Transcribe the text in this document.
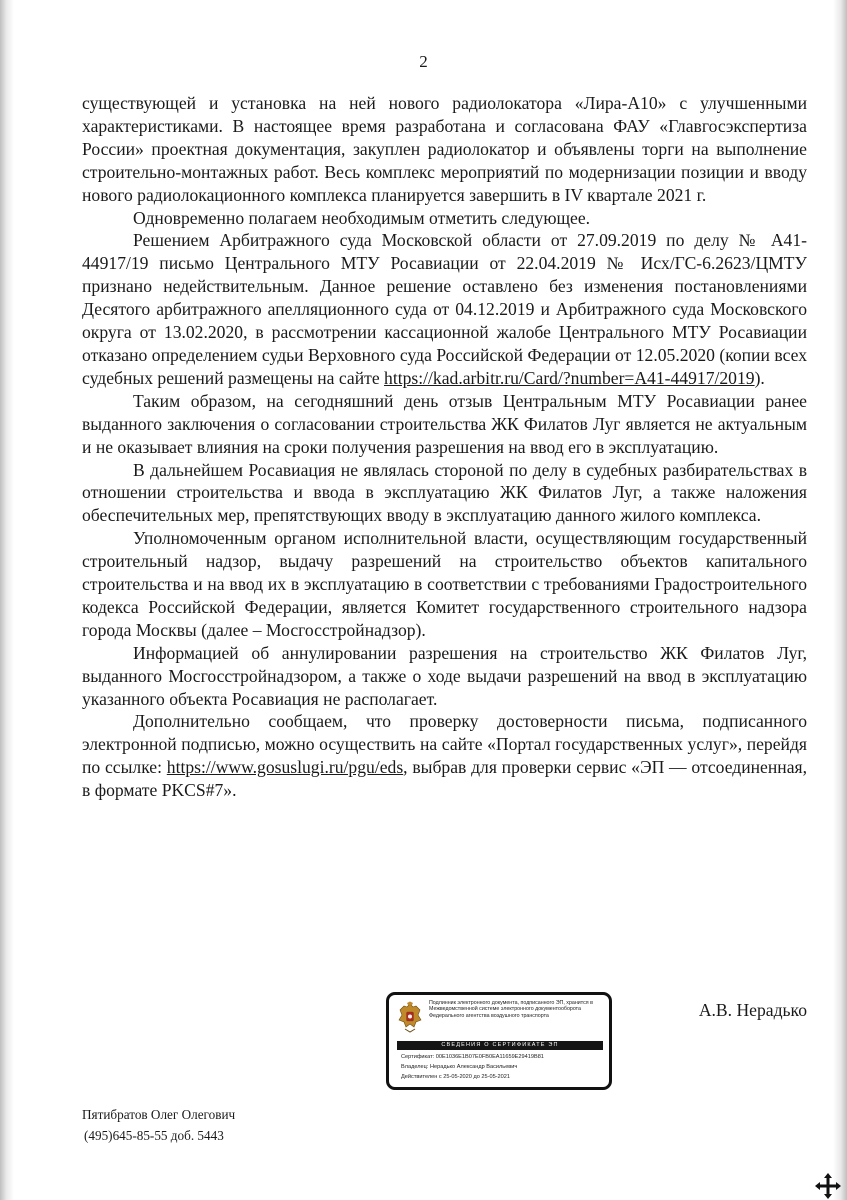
2

существующей и установка на ней нового радиолокатора «Лира-А10» с улучшенными характеристиками. В настоящее время разработана и согласована ФАУ «Главгосэкспертиза России» проектная документация, закуплен радиолокатор и объявлены торги на выполнение строительно-монтажных работ. Весь комплекс мероприятий по модернизации позиции и вводу нового радиолокационного комплекса планируется завершить в IV квартале 2021 г.

Одновременно полагаем необходимым отметить следующее.

Решением Арбитражного суда Московской области от 27.09.2019 по делу № А41-44917/19 письмо Центрального МТУ Росавиации от 22.04.2019 № Исх/ГС-6.2623/ЦМТУ признано недействительным. Данное решение оставлено без изменения постановлениями Десятого арбитражного апелляционного суда от 04.12.2019 и Арбитражного суда Московского округа от 13.02.2020, в рассмотрении кассационной жалобе Центрального МТУ Росавиации отказано определением судьи Верховного суда Российской Федерации от 12.05.2020 (копии всех судебных решений размещены на сайте https://kad.arbitr.ru/Card/?number=А41-44917/2019).

Таким образом, на сегодняшний день отзыв Центральным МТУ Росавиации ранее выданного заключения о согласовании строительства ЖК Филатов Луг является не актуальным и не оказывает влияния на сроки получения разрешения на ввод его в эксплуатацию.

В дальнейшем Росавиация не являлась стороной по делу в судебных разбирательствах в отношении строительства и ввода в эксплуатацию ЖК Филатов Луг, а также наложения обеспечительных мер, препятствующих вводу в эксплуатацию данного жилого комплекса.

Уполномоченным органом исполнительной власти, осуществляющим государственный строительный надзор, выдачу разрешений на строительство объектов капитального строительства и на ввод их в эксплуатацию в соответствии с требованиями Градостроительного кодекса Российской Федерации, является Комитет государственного строительного надзора города Москвы (далее – Мосгосстройнадзор).

Информацией об аннулировании разрешения на строительство ЖК Филатов Луг, выданного Мосгосстройнадзором, а также о ходе выдачи разрешений на ввод в эксплуатацию указанного объекта Росавиация не располагает.

Дополнительно сообщаем, что проверку достоверности письма, подписанного электронной подписью, можно осуществить на сайте «Портал государственных услуг», перейдя по ссылке: https://www.gosuslugi.ru/pgu/eds, выбрав для проверки сервис «ЭП — отсоединенная, в формате PKCS#7».

Подлинник электронного документа, подписанного ЭП, хранится в Межведомственной системе электронного документооборота Федерального агентства воздушного транспорта
СВЕДЕНИЯ О СЕРТИФИКАТЕ ЭП
Сертификат: 00E1036E1B07E0FB0EA11659E29419B81
Владелец: Нерадько Александр Васильевич
Действителен с 25-05-2020 до 25-05-2021
А.В. Нерадько
Пятибратов Олег Олегович
(495)645-85-55 доб. 5443
